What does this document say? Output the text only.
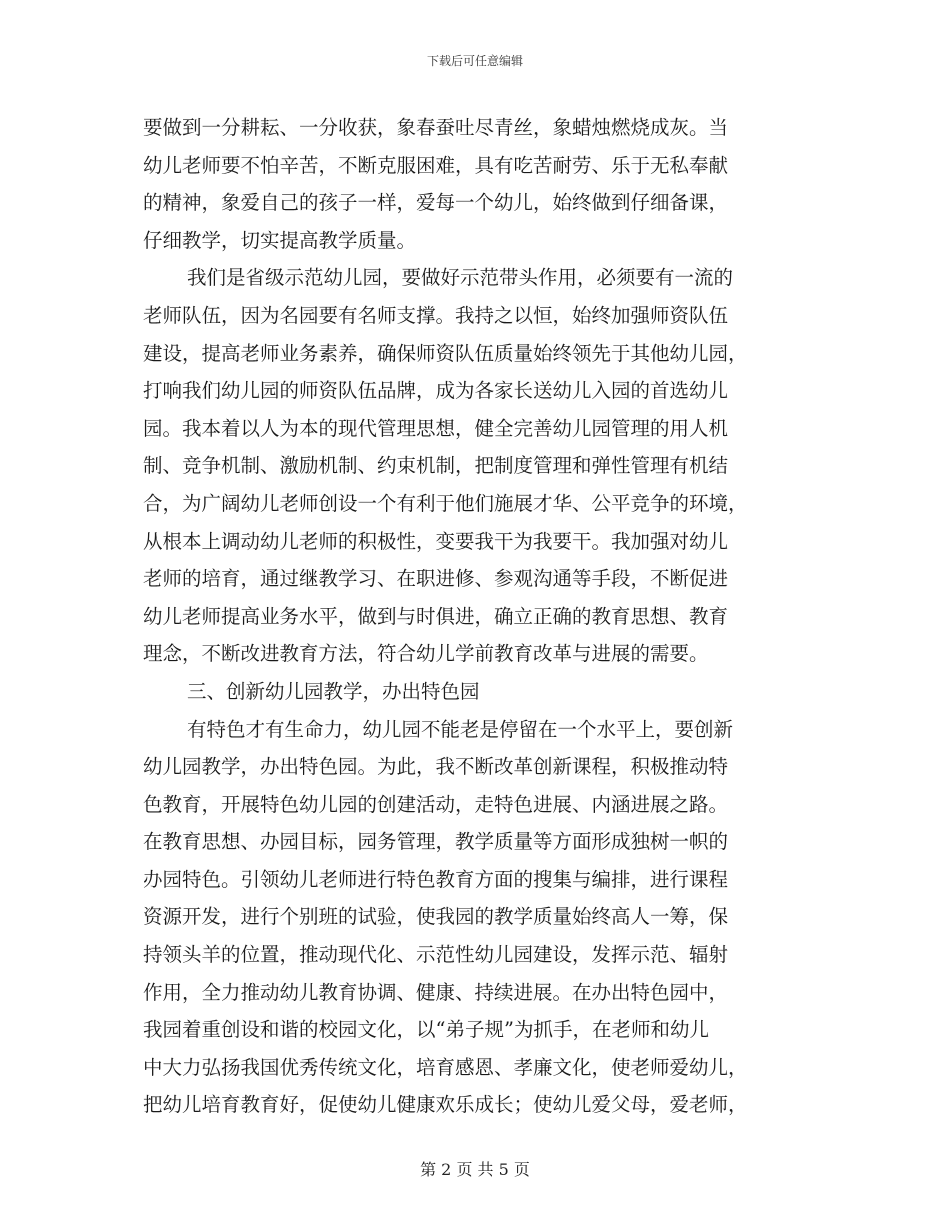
下载后可任意编辑
要做到一分耕耘、一分收获，象春蚕吐尽青丝，象蜡烛燃烧成灰。当
幼儿老师要不怕辛苦，不断克服困难，具有吃苦耐劳、乐于无私奉献
的精神，象爱自己的孩子一样，爱每一个幼儿，始终做到仔细备课，
仔细教学，切实提高教学质量。
我们是省级示范幼儿园，要做好示范带头作用，必须要有一流的
老师队伍，因为名园要有名师支撑。我持之以恒，始终加强师资队伍
建设，提高老师业务素养，确保师资队伍质量始终领先于其他幼儿园，
打响我们幼儿园的师资队伍品牌，成为各家长送幼儿入园的首选幼儿
园。我本着以人为本的现代管理思想，健全完善幼儿园管理的用人机
制、竞争机制、激励机制、约束机制，把制度管理和弹性管理有机结
合，为广阔幼儿老师创设一个有利于他们施展才华、公平竞争的环境，
从根本上调动幼儿老师的积极性，变要我干为我要干。我加强对幼儿
老师的培育，通过继教学习、在职进修、参观沟通等手段，不断促进
幼儿老师提高业务水平，做到与时俱进，确立正确的教育思想、教育
理念，不断改进教育方法，符合幼儿学前教育改革与进展的需要。
三、创新幼儿园教学，办出特色园
有特色才有生命力，幼儿园不能老是停留在一个水平上，要创新
幼儿园教学，办出特色园。为此，我不断改革创新课程，积极推动特
色教育，开展特色幼儿园的创建活动，走特色进展、内涵进展之路。
在教育思想、办园目标，园务管理，教学质量等方面形成独树一帜的
办园特色。引领幼儿老师进行特色教育方面的搜集与编排，进行课程
资源开发，进行个别班的试验，使我园的教学质量始终高人一筹，保
持领头羊的位置，推动现代化、示范性幼儿园建设，发挥示范、辐射
作用，全力推动幼儿教育协调、健康、持续进展。在办出特色园中，
我园着重创设和谐的校园文化，以“弟子规”为抓手，在老师和幼儿
中大力弘扬我国优秀传统文化，培育感恩、孝廉文化，使老师爱幼儿，
把幼儿培育教育好，促使幼儿健康欢乐成长；使幼儿爱父母，爱老师，
第 2 页 共 5 页
